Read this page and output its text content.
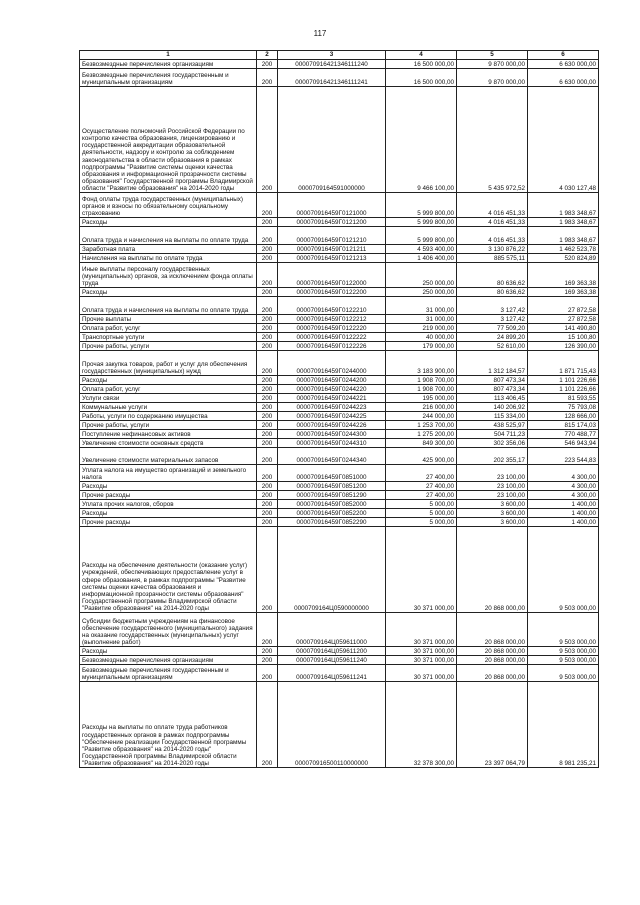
117
1	2	3	4	5	6
Безвозмездные перечисления организациям	200	000070916421346111240	16 500 000,00	9 870 000,00	6 630 000,00
Безвозмездные перечисления государственным и муниципальным организациям	200	000070916421346111241	16 500 000,00	9 870 000,00	6 630 000,00
Осуществление полномочий Российской Федерации по контролю качества образования, лицензированию и государственной аккредитации образовательной деятельности, надзору и контролю за соблюдением законодательства в области образования в рамках подпрограммы "Развитие системы оценки качества образования и информационной прозрачности системы образования" Государственной программы Владимирской области "Развитие образования" на 2014-2020 годы	200	0000709164591000000	9 466 100,00	5 435 972,52	4 030 127,48
Фонд оплаты труда государственных (муниципальных) органов и взносы по обязательному социальному страхованию	200	000070916459Г0121000	5 999 800,00	4 016 451,33	1 983 348,67
Расходы	200	000070916459Г0121200	5 999 800,00	4 016 451,33	1 983 348,67
Оплата труда и начисления на выплаты по оплате труда	200	000070916459Г0121210	5 999 800,00	4 016 451,33	1 983 348,67
Заработная плата	200	000070916459Г0121211	4 593 400,00	3 130 876,22	1 462 523,78
Начисления на выплаты по оплате труда	200	000070916459Г0121213	1 406 400,00	885 575,11	520 824,89
Иные выплаты персоналу государственных (муниципальных) органов, за исключением фонда оплаты труда	200	000070916459Г0122000	250 000,00	80 636,62	169 363,38
Расходы	200	000070916459Г0122200	250 000,00	80 636,62	169 363,38
Оплата труда и начисления на выплаты по оплате труда	200	000070916459Г0122210	31 000,00	3 127,42	27 872,58
Прочие выплаты	200	000070916459Г0122212	31 000,00	3 127,42	27 872,58
Оплата работ, услуг	200	000070916459Г0122220	219 000,00	77 509,20	141 490,80
Транспортные услуги	200	000070916459Г0122222	40 000,00	24 899,20	15 100,80
Прочие работы, услуги	200	000070916459Г0122226	179 000,00	52 610,00	126 390,00
Прочая закупка товаров, работ и услуг для обеспечения государственных (муниципальных) нужд	200	000070916459Г0244000	3 183 900,00	1 312 184,57	1 871 715,43
Расходы	200	000070916459Г0244200	1 908 700,00	807 473,34	1 101 226,66
Оплата работ, услуг	200	000070916459Г0244220	1 908 700,00	807 473,34	1 101 226,66
Услуги связи	200	000070916459Г0244221	195 000,00	113 406,45	81 593,55
Коммунальные услуги	200	000070916459Г0244223	216 000,00	140 206,92	75 793,08
Работы, услуги по содержанию имущества	200	000070916459Г0244225	244 000,00	115 334,00	128 666,00
Прочие работы, услуги	200	000070916459Г0244226	1 253 700,00	438 525,97	815 174,03
Поступление нефинансовых активов	200	000070916459Г0244300	1 275 200,00	504 711,23	770 488,77
Увеличение стоимости основных средств	200	000070916459Г0244310	849 300,00	302 356,06	546 943,94
Увеличение стоимости материальных запасов	200	000070916459Г0244340	425 900,00	202 355,17	223 544,83
Уплата налога на имущество организаций и земельного налога	200	000070916459Г0851000	27 400,00	23 100,00	4 300,00
Расходы	200	000070916459Г0851200	27 400,00	23 100,00	4 300,00
Прочие расходы	200	000070916459Г0851290	27 400,00	23 100,00	4 300,00
Уплата прочих налогов, сборов	200	000070916459Г0852000	5 000,00	3 600,00	1 400,00
Расходы	200	000070916459Г0852200	5 000,00	3 600,00	1 400,00
Прочие расходы	200	000070916459Г0852290	5 000,00	3 600,00	1 400,00
Расходы на обеспечение деятельности (оказание услуг) учреждений, обеспечивающих предоставление услуг в сфере образования, в рамках подпрограммы "Развитие системы оценки качества образования и информационной прозрачности системы образования" Государственной программы Владимирской области "Развитие образования" на 2014-2020 годы	200	0000709164Ц0590000000	30 371 000,00	20 868 000,00	9 503 000,00
Субсидии бюджетным учреждениям на финансовое обеспечение государственного (муниципального) задания на оказание государственных (муниципальных) услуг (выполнение работ)	200	0000709164Ц059611000	30 371 000,00	20 868 000,00	9 503 000,00
Расходы	200	0000709164Ц059611200	30 371 000,00	20 868 000,00	9 503 000,00
Безвозмездные перечисления организациям	200	0000709164Ц059611240	30 371 000,00	20 868 000,00	9 503 000,00
Безвозмездные перечисления государственным и муниципальным организациям	200	0000709164Ц059611241	30 371 000,00	20 868 000,00	9 503 000,00
Расходы на выплаты по оплате труда работников государственных органов в рамках подпрограммы "Обеспечение реализации Государственной программы "Развитие образования" на 2014-2020 годы" Государственной программы Владимирской области "Развитие образования" на 2014-2020 годы	200	000070916500110000000	32 378 300,00	23 397 064,79	8 981 235,21
